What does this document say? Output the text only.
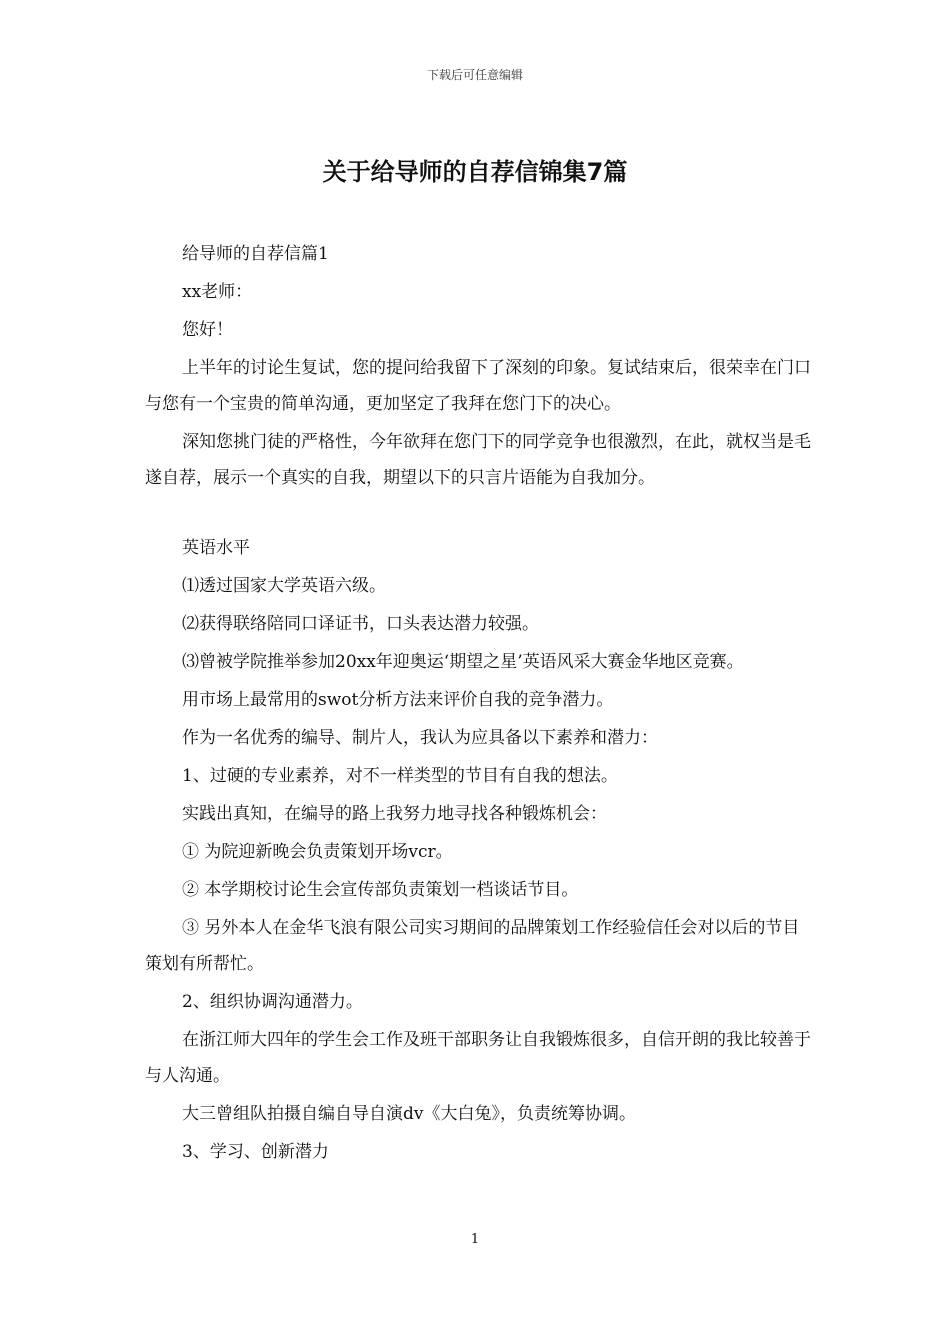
下载后可任意编辑
关于给导师的自荐信锦集7篇

给导师的自荐信篇1

xx老师：

您好！

上半年的讨论生复试，您的提问给我留下了深刻的印象。复试结束后，很荣幸在门口与您有一个宝贵的简单沟通，更加坚定了我拜在您门下的决心。

深知您挑门徒的严格性，今年欲拜在您门下的同学竞争也很激烈，在此，就权当是毛遂自荐，展示一个真实的自我，期望以下的只言片语能为自我加分。

英语水平

⑴透过国家大学英语六级。

⑵获得联络陪同口译证书，口头表达潜力较强。

⑶曾被学院推举参加20xx年迎奥运‘期望之星’英语风采大赛金华地区竞赛。

用市场上最常用的swot分析方法来评价自我的竞争潜力。

作为一名优秀的编导、制片人，我认为应具备以下素养和潜力：

1、过硬的专业素养，对不一样类型的节目有自我的想法。

实践出真知，在编导的路上我努力地寻找各种锻炼机会：

① 为院迎新晚会负责策划开场vcr。

② 本学期校讨论生会宣传部负责策划一档谈话节目。

③ 另外本人在金华飞浪有限公司实习期间的品牌策划工作经验信任会对以后的节目策划有所帮忙。

2、组织协调沟通潜力。

在浙江师大四年的学生会工作及班干部职务让自我锻炼很多，自信开朗的我比较善于与人沟通。

大三曾组队拍摄自编自导自演dv《大白兔》，负责统筹协调。

3、学习、创新潜力

1
